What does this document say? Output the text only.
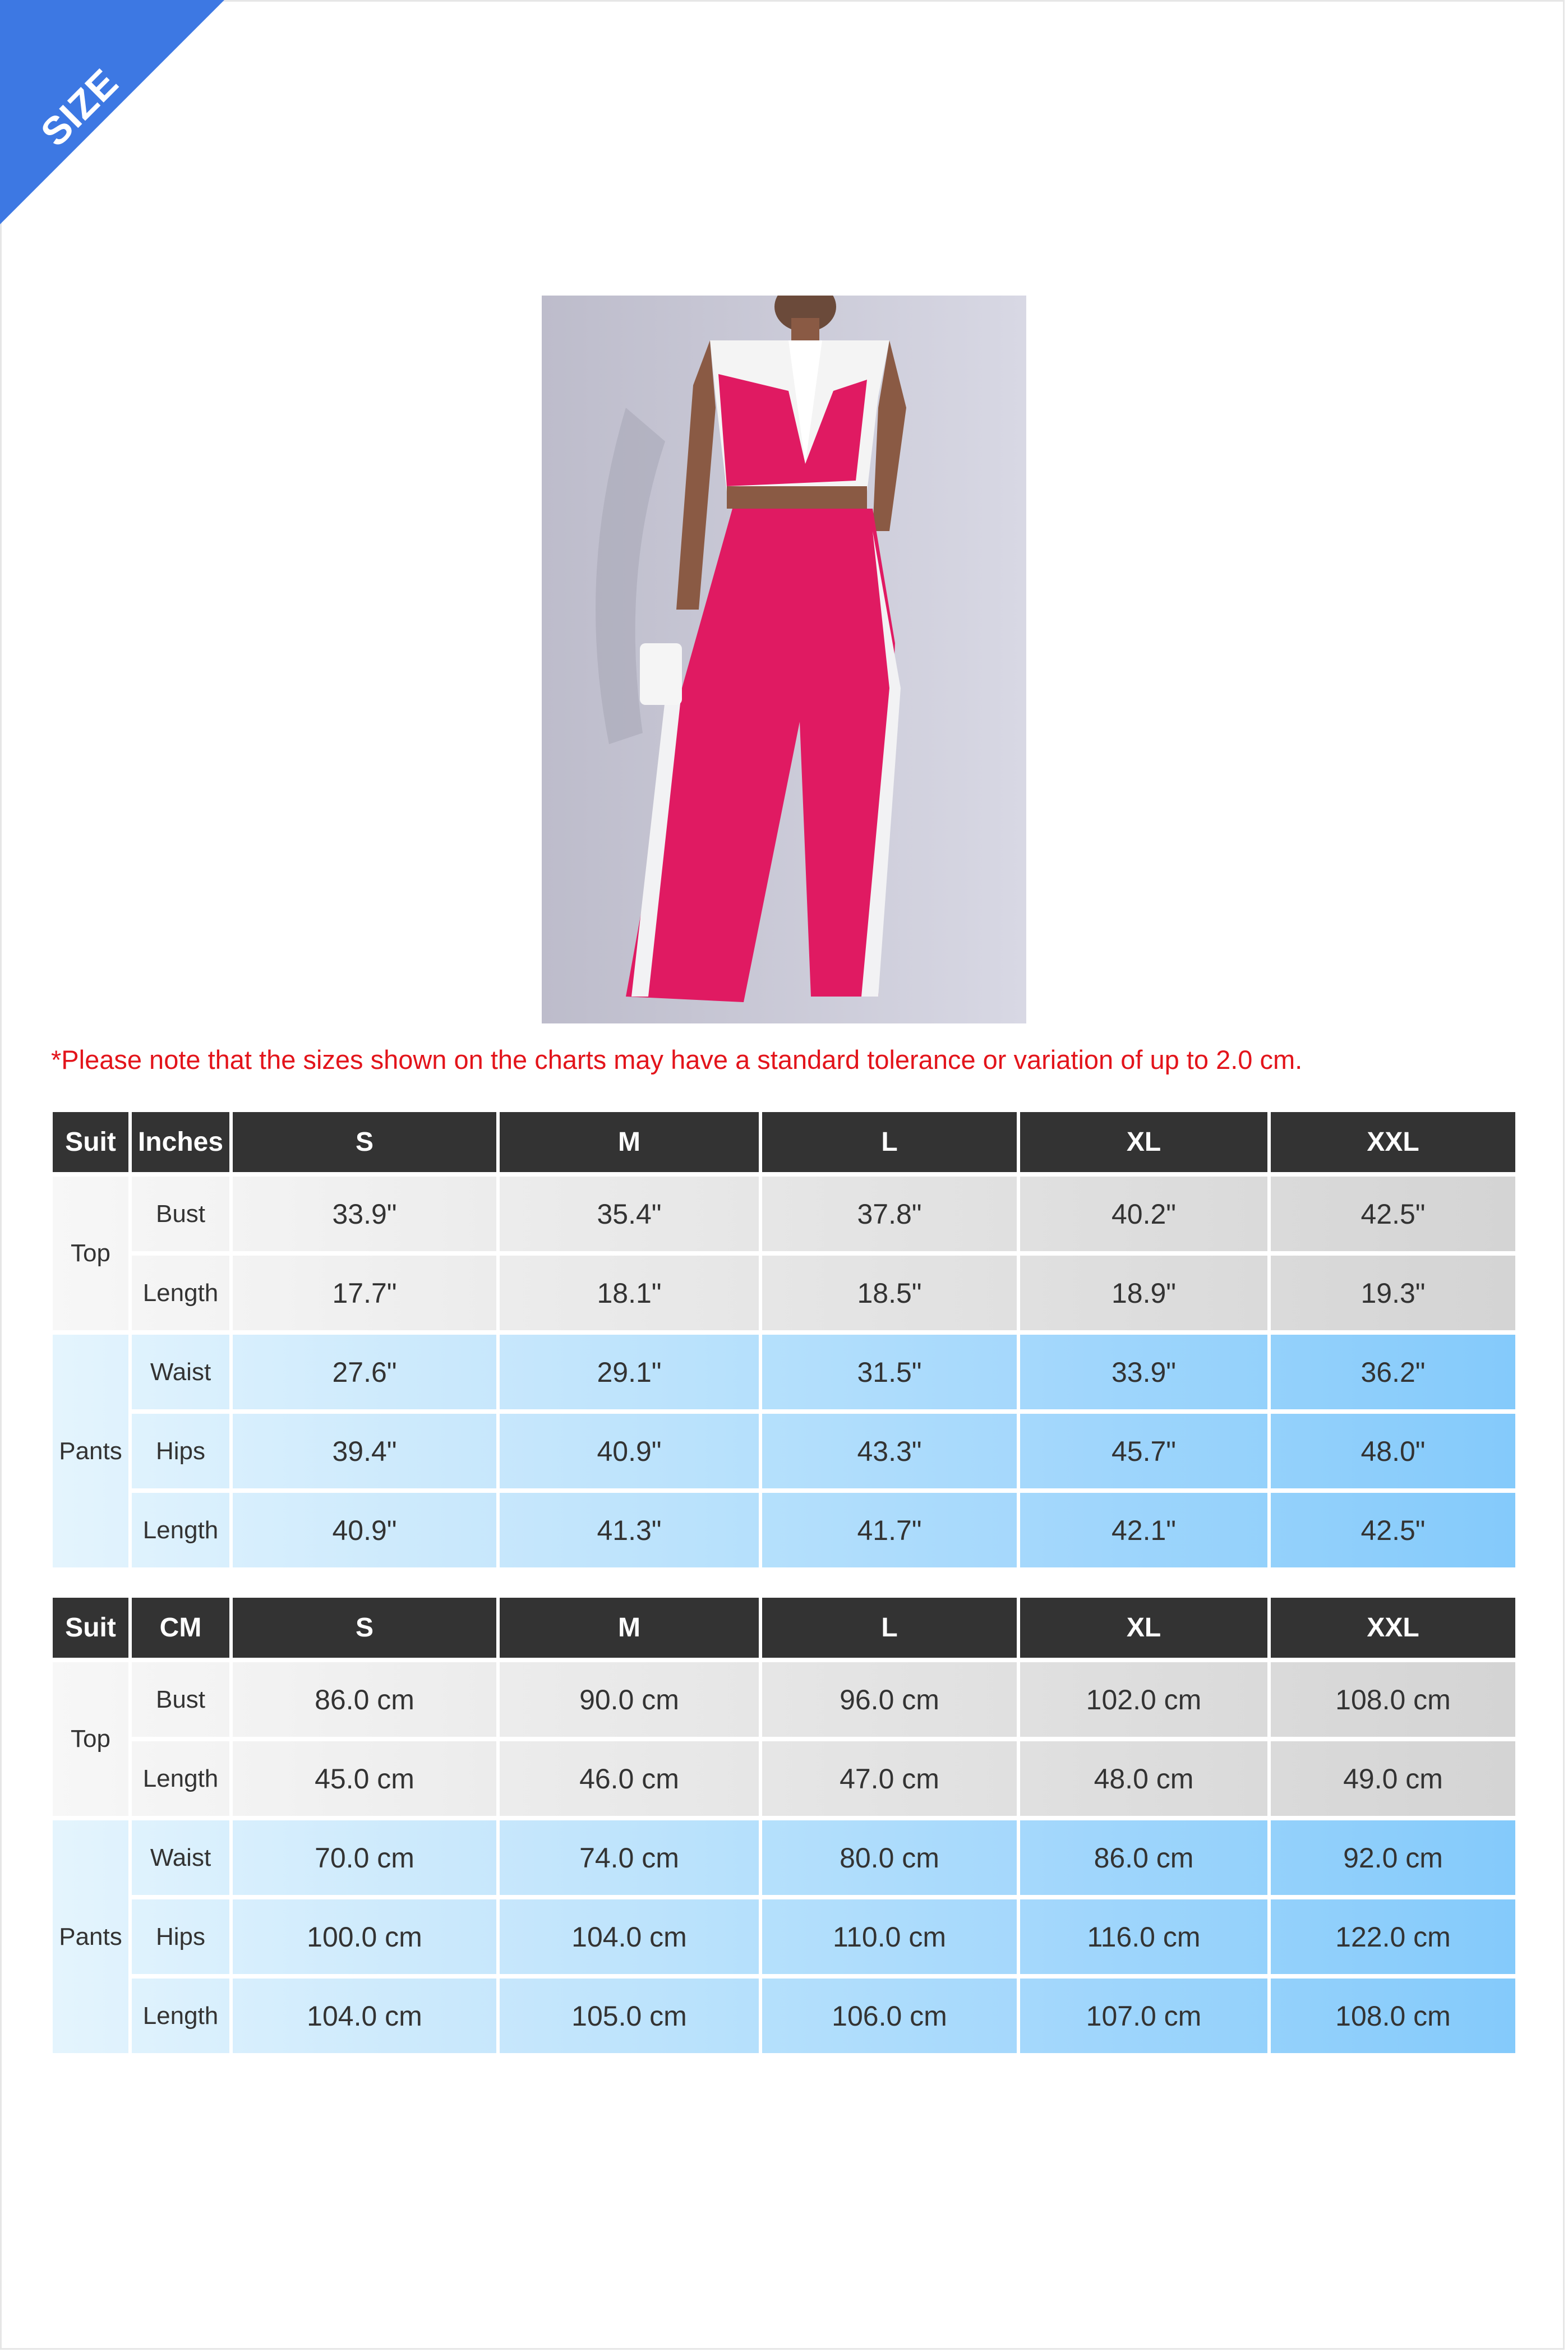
SIZE CHART
*Please note that the sizes shown on the charts may have a standard tolerance or variation of up to 2.0 cm.
Suit Inches	S	M	L	XL	XXL
Top
Bust	33.9"	35.4"	37.8"	40.2"	42.5"
Length	17.7"	18.1"	18.5"	18.9"	19.3"
Pants
Waist	27.6"	29.1"	31.5"	33.9"	36.2"
Hips	39.4"	40.9"	43.3"	45.7"	48.0"
Length	40.9"	41.3"	41.7"	42.1"	42.5"
Suit	CM	S	M	L	XL	XXL
Top
Bust	86.0 cm	90.0 cm	96.0 cm	102.0 cm	108.0 cm
Length	45.0 cm	46.0 cm	47.0 cm	48.0 cm	49.0 cm
Pants
Waist	70.0 cm	74.0 cm	80.0 cm	86.0 cm	92.0 cm
Hips	100.0 cm	104.0 cm	110.0 cm	116.0 cm	122.0 cm
Length	104.0 cm	105.0 cm	106.0 cm	107.0 cm	108.0 cm
